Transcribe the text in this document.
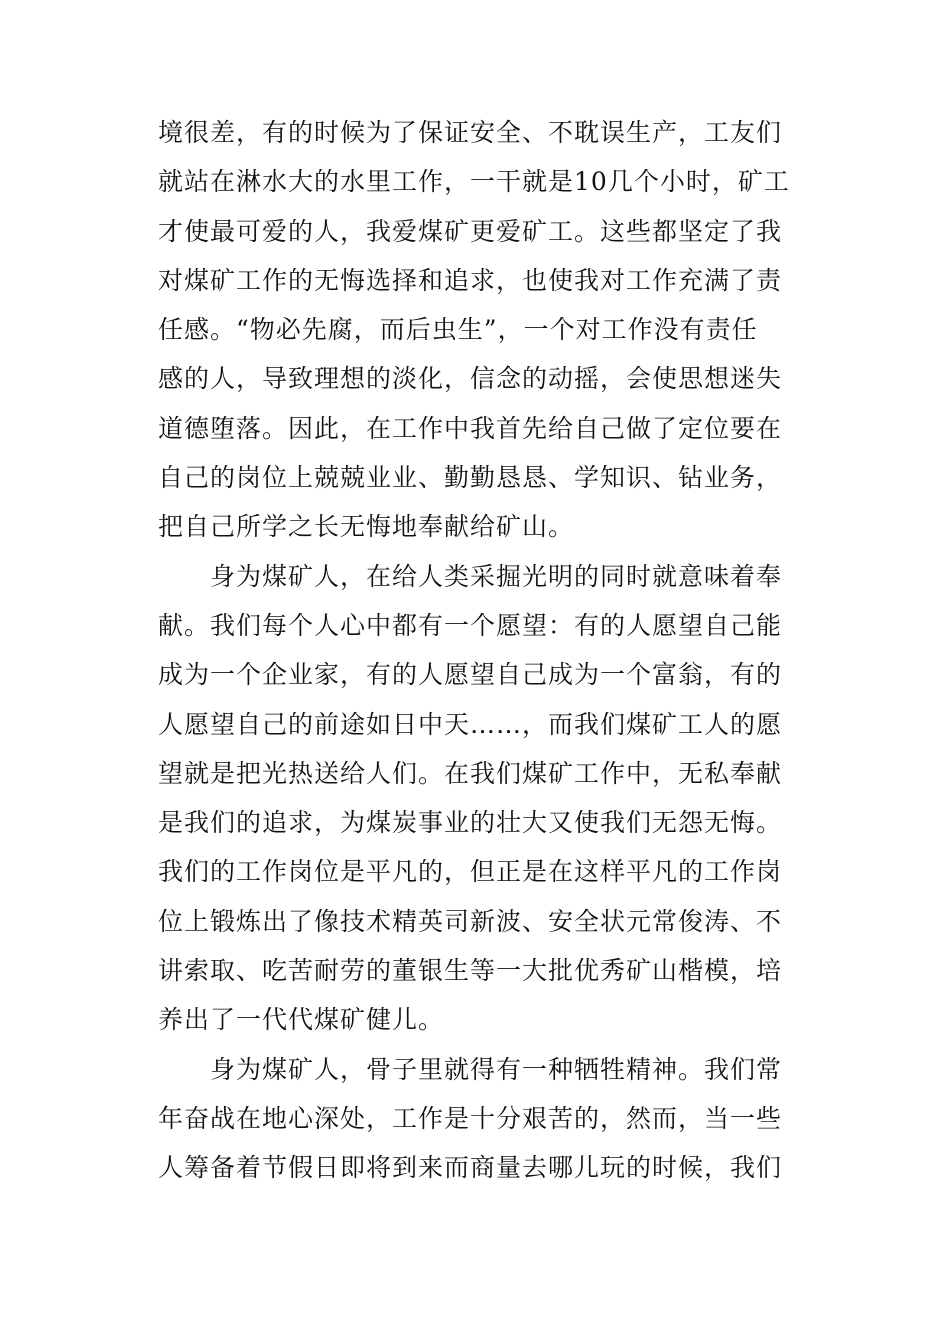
境很差，有的时候为了保证安全、不耽误生产，工友们
就站在淋水大的水里工作，一干就是10几个小时，矿工
才使最可爱的人，我爱煤矿更爱矿工。这些都坚定了我
对煤矿工作的无悔选择和追求，也使我对工作充满了责
任感。“物必先腐，而后虫生”，一个对工作没有责任
感的人，导致理想的淡化，信念的动摇，会使思想迷失
道德堕落。因此，在工作中我首先给自己做了定位要在
自己的岗位上兢兢业业、勤勤恳恳、学知识、钻业务，
把自己所学之长无悔地奉献给矿山。
身为煤矿人，在给人类采掘光明的同时就意味着奉
献。我们每个人心中都有一个愿望：有的人愿望自己能
成为一个企业家，有的人愿望自己成为一个富翁，有的
人愿望自己的前途如日中天……，而我们煤矿工人的愿
望就是把光热送给人们。在我们煤矿工作中，无私奉献
是我们的追求，为煤炭事业的壮大又使我们无怨无悔。
我们的工作岗位是平凡的，但正是在这样平凡的工作岗
位上锻炼出了像技术精英司新波、安全状元常俊涛、不
讲索取、吃苦耐劳的董银生等一大批优秀矿山楷模，培
养出了一代代煤矿健儿。
身为煤矿人，骨子里就得有一种牺牲精神。我们常
年奋战在地心深处，工作是十分艰苦的，然而，当一些
人筹备着节假日即将到来而商量去哪儿玩的时候，我们
